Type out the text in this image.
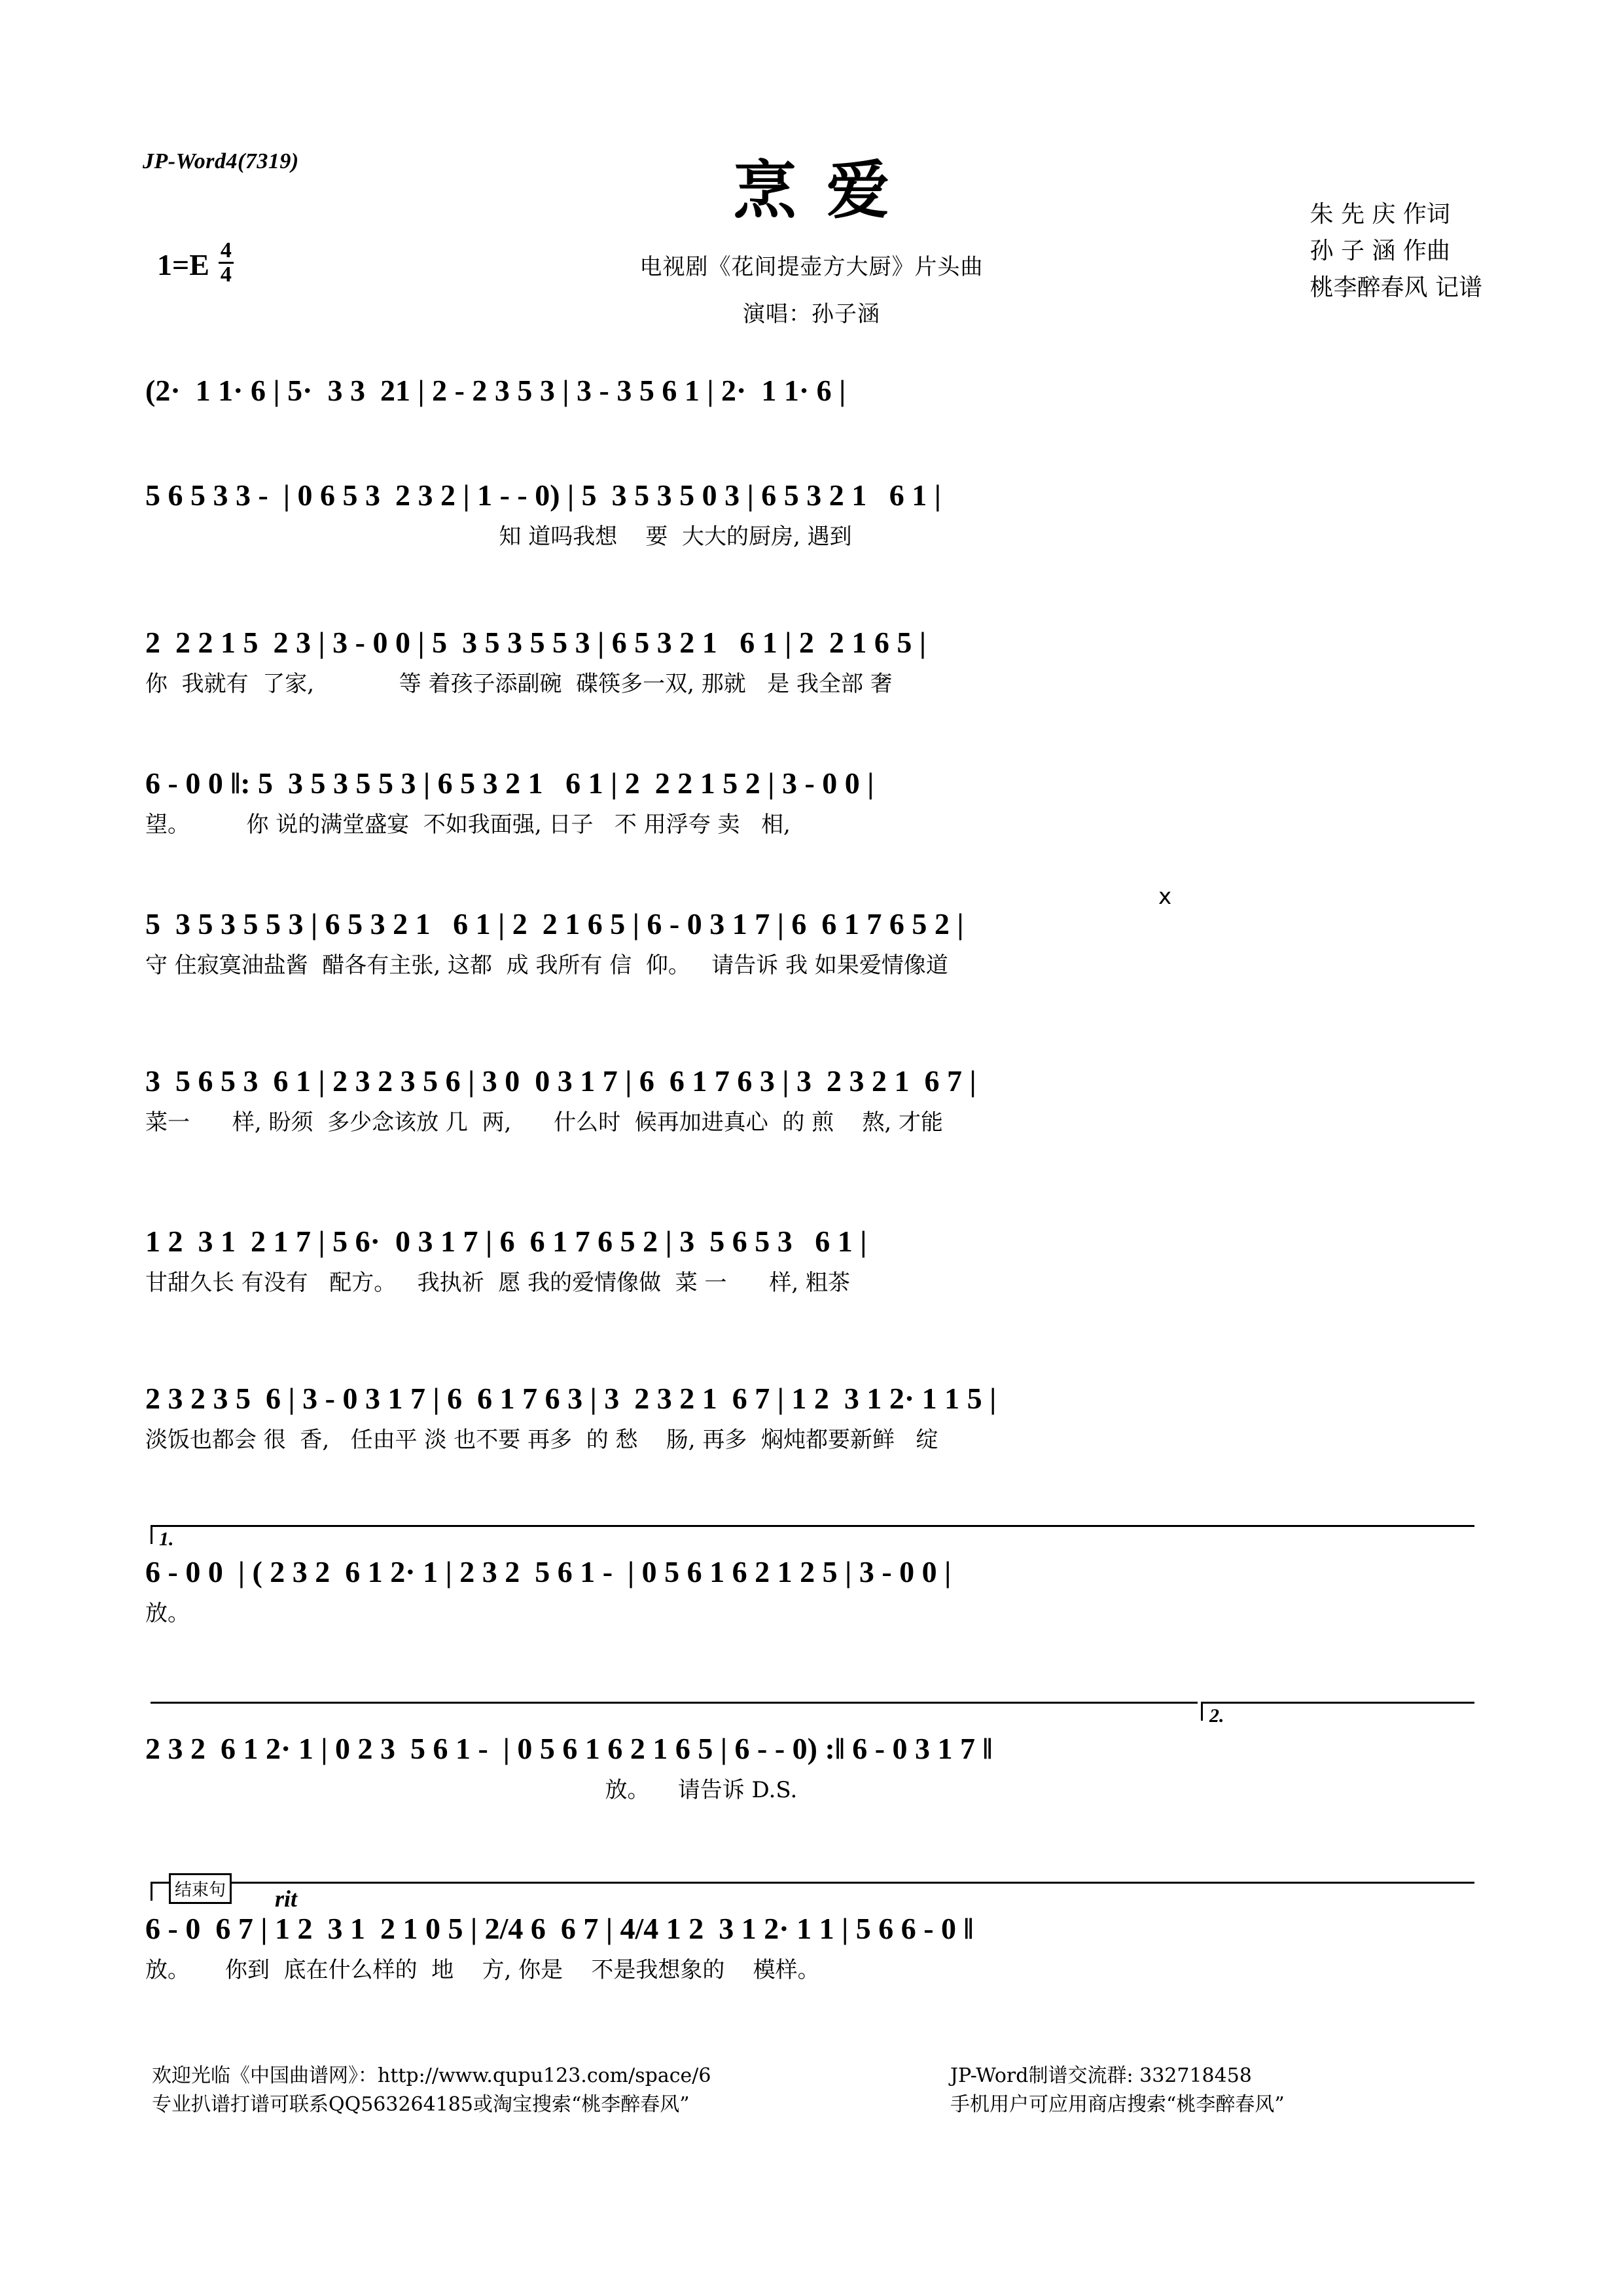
JP-Word4(7319)	烹爱
电视剧《花间提壶方大厨》片头曲
演唱：孙子涵
$1=E \frac{4}{4}$
朱 先 庆 作词
孙 子 涵 作曲
桃李醉春风 记谱
(2·  1 1· 6 | 5·  3 3  21 | 2 - 2 3 5 3 | 3 - 3 5 6 1 | 2·  1 1· 6 |
5 6 5 3 3 -  | 0 6 5 3  2 3 2 | 1 - - 0) | 5  3 5 3 5 0 3 | 6 5 3 2 1   6 1 |
知 道吗我想    要  大大的厨房, 遇到
2  2 2 1 5  2 3 | 3 - 0 0 | 5  3 5 3 5 5 3 | 6 5 3 2 1   6 1 | 2  2 1 6 5 |
你  我就有  了家,            等 着孩子添副碗  碟筷多一双, 那就   是 我全部 奢
6 - 0 0 ‖: 5  3 5 3 5 5 3 | 6 5 3 2 1   6 1 | 2  2 2 1 5 2 | 3 - 0 0 |
望。        你 说的满堂盛宴  不如我面强, 日子   不 用浮夸 卖   相,
x
5  3 5 3 5 5 3 | 6 5 3 2 1   6 1 | 2  2 1 6 5 | 6 - 0 3 1 7 | 6  6 1 7 6 5 2 |
守 住寂寞油盐酱  醋各有主张, 这都  成 我所有 信  仰。   请告诉 我 如果爱情像道
3  5 6 5 3  6 1 | 2 3 2 3 5 6 | 3 0  0 3 1 7 | 6  6 1 7 6 3 | 3  2 3 2 1  6 7 |
菜一      样, 盼须  多少念该放 几  两,      什么时  候再加进真心  的 煎    熬, 才能
1 2  3 1  2 1 7 | 5 6·  0 3 1 7 | 6  6 1 7 6 5 2 | 3  5 6 5 3   6 1 |
甘甜久长 有没有   配方。   我执祈  愿 我的爱情像做  菜 一      样, 粗茶
2 3 2 3 5  6 | 3 - 0 3 1 7 | 6  6 1 7 6 3 | 3  2 3 2 1  6 7 | 1 2  3 1 2· 1 1 5 |
淡饭也都会 很  香,   任由平 淡 也不要 再多  的 愁    肠, 再多  焖炖都要新鲜   绽
1.
6 - 0 0  | ( 2 3 2  6 1 2· 1 | 2 3 2  5 6 1 -  | 0 5 6 1 6 2 1 2 5 | 3 - 0 0 |
放。
2.
2 3 2  6 1 2· 1 | 0 2 3  5 6 1 -  | 0 5 6 1 6 2 1 6 5 | 6 - - 0) :‖ 6 - 0 3 1 7 ‖
放。    请告诉 D.S.
结束句 rit
6 - 0  6 7 | 1 2  3 1  2 1 0 5 | 2/4 6  6 7 | 4/4 1 2  3 1 2· 1 1 | 5 6 6 - 0 ‖
放。     你到  底在什么样的  地    方, 你是    不是我想象的    模样。
欢迎光临《中国曲谱网》：http://www.qupu123.com/space/6	JP-Word制谱交流群: 332718458
专业扒谱打谱可联系QQ563264185或淘宝搜索“桃李醉春风”	手机用户可应用商店搜索“桃李醉春风”
